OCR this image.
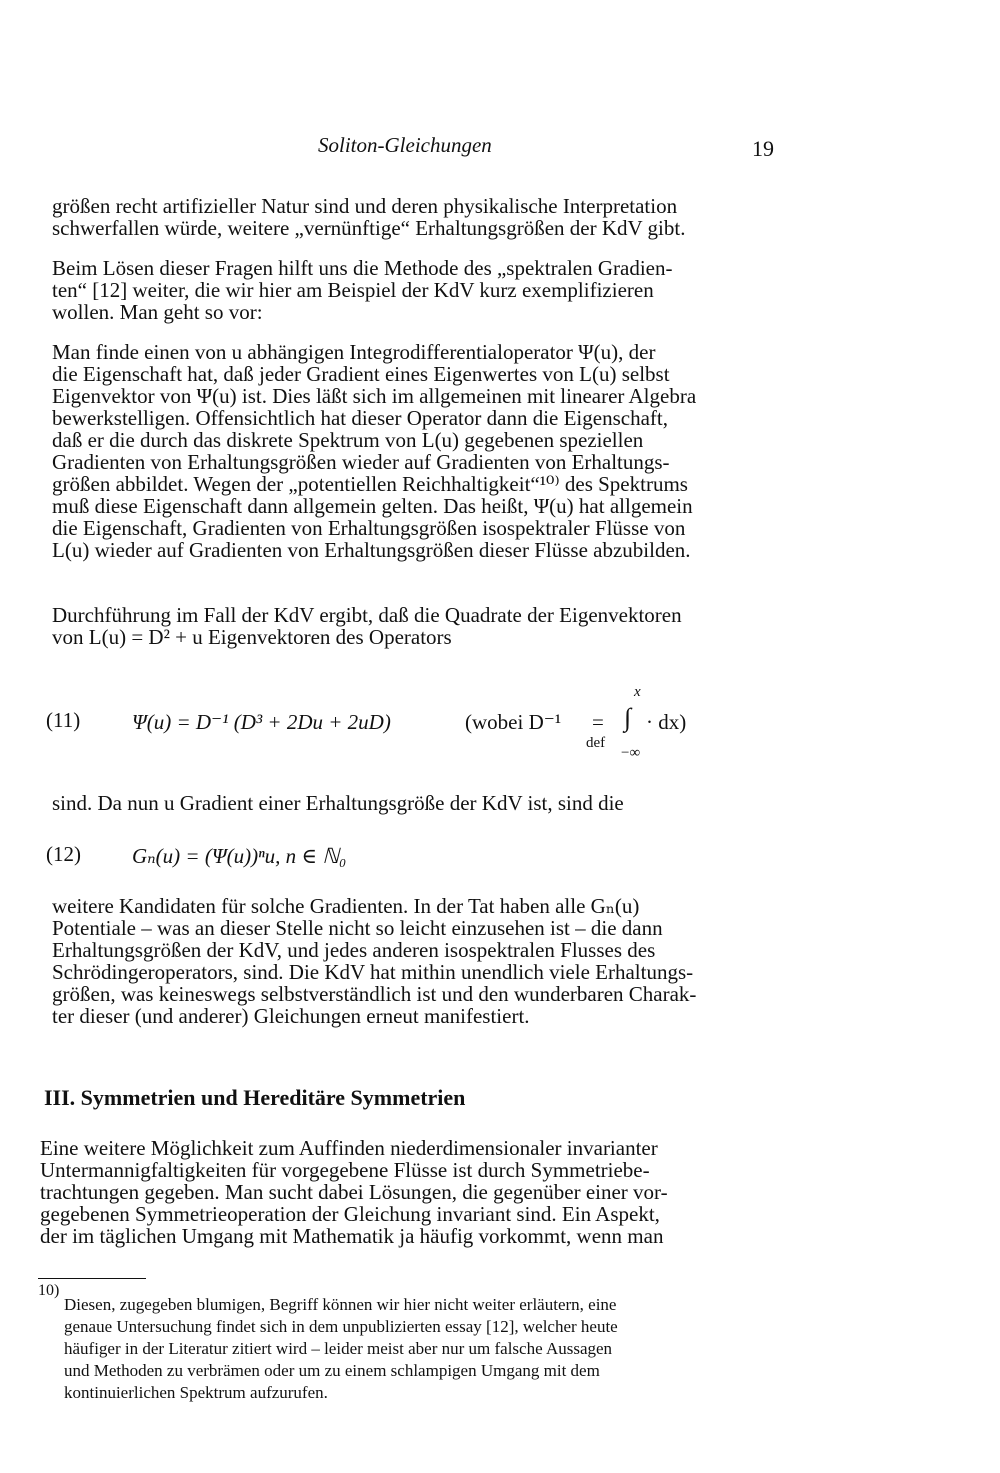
Soliton-Gleichungen	19

größen recht artifizieller Natur sind und deren physikalische Interpretation
schwerfallen würde, weitere „vernünftige“ Erhaltungsgrößen der KdV gibt.

Beim Lösen dieser Fragen hilft uns die Methode des „spektralen Gradien-
ten“ [12] weiter, die wir hier am Beispiel der KdV kurz exemplifizieren
wollen. Man geht so vor:

Man finde einen von u abhängigen Integrodifferentialoperator Ψ(u), der
die Eigenschaft hat, daß jeder Gradient eines Eigenwertes von L(u) selbst
Eigenvektor von Ψ(u) ist. Dies läßt sich im allgemeinen mit linearer Algebra
bewerkstelligen. Offensichtlich hat dieser Operator dann die Eigenschaft,
daß er die durch das diskrete Spektrum von L(u) gegebenen speziellen
Gradienten von Erhaltungsgrößen wieder auf Gradienten von Erhaltungs-
größen abbildet. Wegen der „potentiellen Reichhaltigkeit“¹⁰⁾ des Spektrums
muß diese Eigenschaft dann allgemein gelten. Das heißt, Ψ(u) hat allgemein
die Eigenschaft, Gradienten von Erhaltungsgrößen isospektraler Flüsse von
L(u) wieder auf Gradienten von Erhaltungsgrößen dieser Flüsse abzubilden.

Durchführung im Fall der KdV ergibt, daß die Quadrate der Eigenvektoren
von L(u) = D² + u Eigenvektoren des Operators

(11) Ψ(u) = D⁻¹ (D³ + 2Du + 2uD)	(wobei D⁻¹ =
def
x
∫ · dx)
−∞

sind. Da nun u Gradient einer Erhaltungsgröße der KdV ist, sind die

(12) Gₙ(u) = (Ψ(u))ⁿu, n ∈ ℕ₀

weitere Kandidaten für solche Gradienten. In der Tat haben alle Gₙ(u)
Potentiale – was an dieser Stelle nicht so leicht einzusehen ist – die dann
Erhaltungsgrößen der KdV, und jedes anderen isospektralen Flusses des
Schrödingeroperators, sind. Die KdV hat mithin unendlich viele Erhaltungs-
größen, was keineswegs selbstverständlich ist und den wunderbaren Charak-
ter dieser (und anderer) Gleichungen erneut manifestiert.

III. Symmetrien und Hereditäre Symmetrien

Eine weitere Möglichkeit zum Auffinden niederdimensionaler invarianter
Untermannigfaltigkeiten für vorgegebene Flüsse ist durch Symmetriebe-
trachtungen gegeben. Man sucht dabei Lösungen, die gegenüber einer vor-
gegebenen Symmetrieoperation der Gleichung invariant sind. Ein Aspekt,
der im täglichen Umgang mit Mathematik ja häufig vorkommt, wenn man

10)

Diesen, zugegeben blumigen, Begriff können wir hier nicht weiter erläutern, eine
genaue Untersuchung findet sich in dem unpublizierten essay [12], welcher heute
häufiger in der Literatur zitiert wird – leider meist aber nur um falsche Aussagen
und Methoden zu verbrämen oder um zu einem schlampigen Umgang mit dem
kontinuierlichen Spektrum aufzurufen.
